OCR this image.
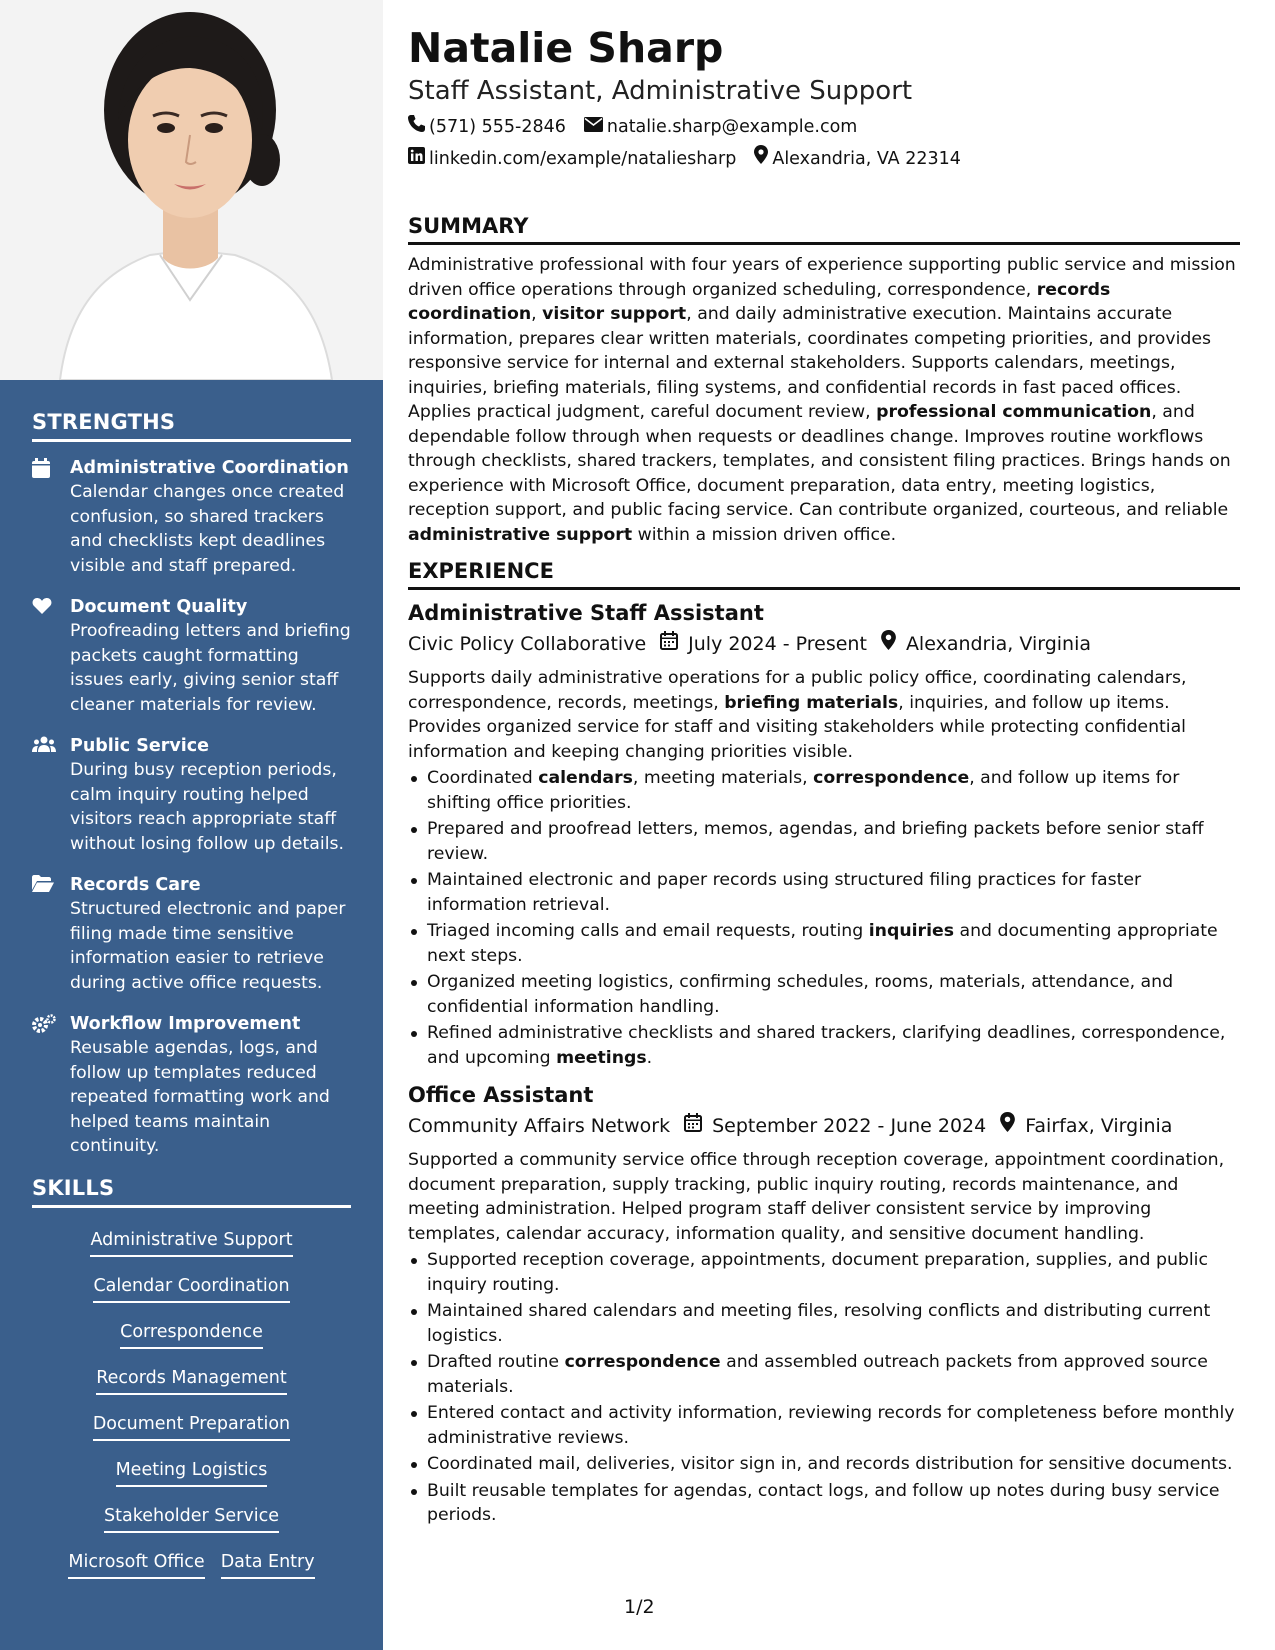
STRENGTHS
Administrative Coordination
Calendar changes once created confusion, so shared trackers and checklists kept deadlines visible and staff prepared.
Document Quality
Proofreading letters and briefing packets caught formatting issues early, giving senior staff cleaner materials for review.
Public Service
During busy reception periods, calm inquiry routing helped visitors reach appropriate staff without losing follow up details.
Records Care
Structured electronic and paper filing made time sensitive information easier to retrieve during active office requests.
Workflow Improvement
Reusable agendas, logs, and follow up templates reduced repeated formatting work and helped teams maintain continuity.
SKILLS
Administrative Support
Calendar Coordination
Correspondence
Records Management
Document Preparation
Meeting Logistics
Stakeholder Service
Microsoft Office Data Entry
Natalie Sharp
Staff Assistant, Administrative Support
(571) 555-2846 natalie.sharp@example.com
linkedin.com/example/nataliesharp Alexandria, VA 22314
SUMMARY
Administrative professional with four years of experience supporting public service and mission driven office operations through organized scheduling, correspondence, records coordination, visitor support, and daily administrative execution. Maintains accurate information, prepares clear written materials, coordinates competing priorities, and provides responsive service for internal and external stakeholders. Supports calendars, meetings, inquiries, briefing materials, filing systems, and confidential records in fast paced offices. Applies practical judgment, careful document review, professional communication, and dependable follow through when requests or deadlines change. Improves routine workflows through checklists, shared trackers, templates, and consistent filing practices. Brings hands on experience with Microsoft Office, document preparation, data entry, meeting logistics, reception support, and public facing service. Can contribute organized, courteous, and reliable administrative support within a mission driven office.
EXPERIENCE
Administrative Staff Assistant
Civic Policy Collaborative July 2024 - Present Alexandria, Virginia
Supports daily administrative operations for a public policy office, coordinating calendars, correspondence, records, meetings, briefing materials, inquiries, and follow up items. Provides organized service for staff and visiting stakeholders while protecting confidential information and keeping changing priorities visible.
Coordinated calendars, meeting materials, correspondence, and follow up items for shifting office priorities.
Prepared and proofread letters, memos, agendas, and briefing packets before senior staff review.
Maintained electronic and paper records using structured filing practices for faster information retrieval.
Triaged incoming calls and email requests, routing inquiries and documenting appropriate next steps.
Organized meeting logistics, confirming schedules, rooms, materials, attendance, and confidential information handling.
Refined administrative checklists and shared trackers, clarifying deadlines, correspondence, and upcoming meetings.
Office Assistant
Community Affairs Network September 2022 - June 2024 Fairfax, Virginia
Supported a community service office through reception coverage, appointment coordination, document preparation, supply tracking, public inquiry routing, records maintenance, and meeting administration. Helped program staff deliver consistent service by improving templates, calendar accuracy, information quality, and sensitive document handling.
Supported reception coverage, appointments, document preparation, supplies, and public inquiry routing.
Maintained shared calendars and meeting files, resolving conflicts and distributing current logistics.
Drafted routine correspondence and assembled outreach packets from approved source materials.
Entered contact and activity information, reviewing records for completeness before monthly administrative reviews.
Coordinated mail, deliveries, visitor sign in, and records distribution for sensitive documents.
Built reusable templates for agendas, contact logs, and follow up notes during busy service periods.
1/2
